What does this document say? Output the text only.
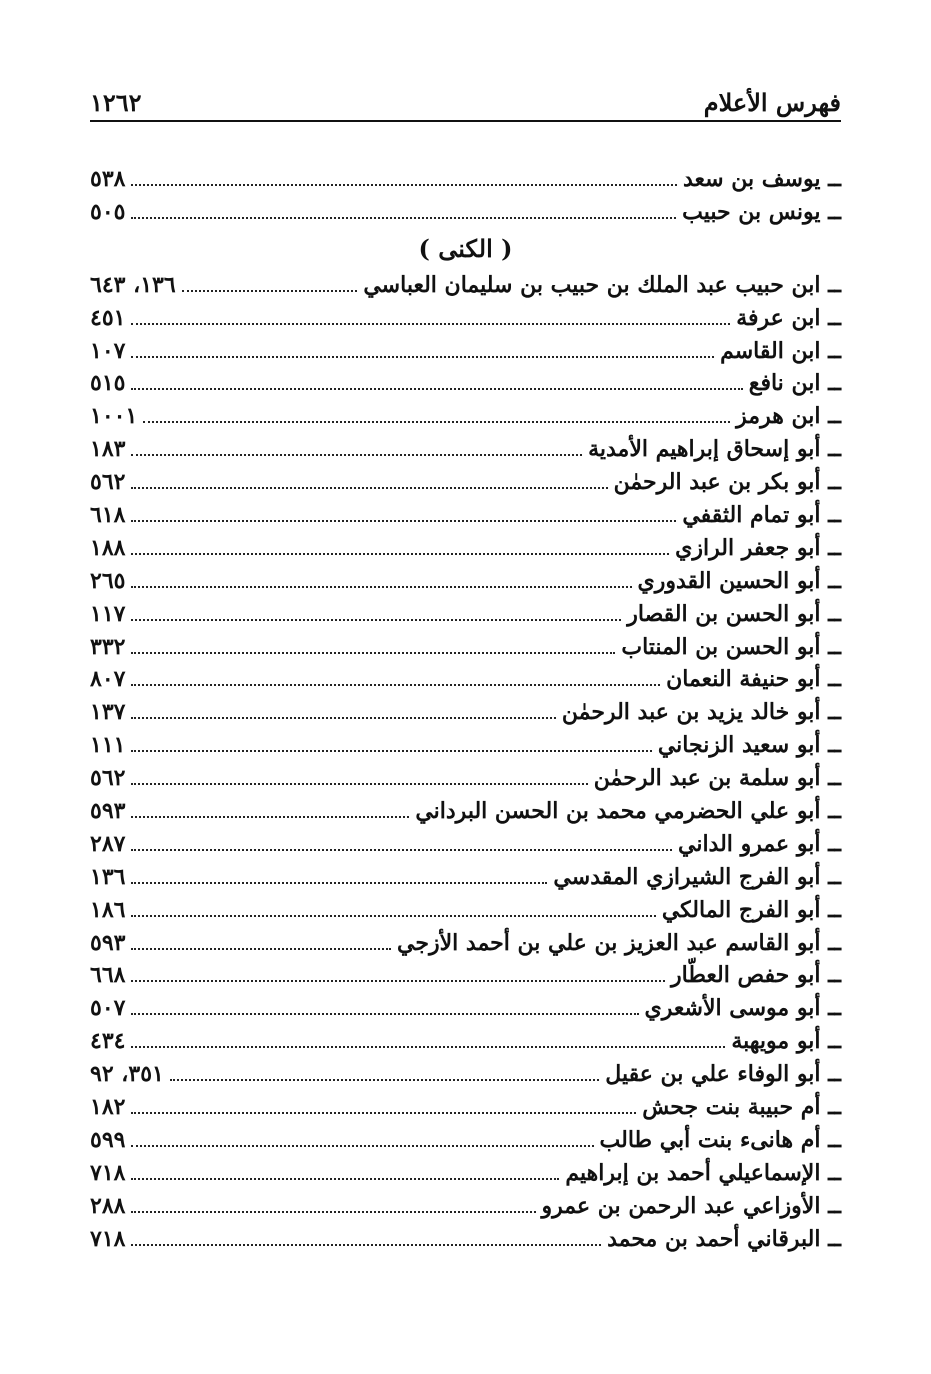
فهرس الأعلام
١٢٦٢
ــ يوسف بن سعد
٥٣٨
ــ يونس بن حبيب
٥٠٥
( الكنى )
ــ ابن حبيب عبد الملك بن حبيب بن سليمان العباسي
١٣٦، ٦٤٣
ــ ابن عرفة
٤٥١
ــ ابن القاسم
١٠٧
ــ ابن نافع
٥١٥
ــ ابن هرمز
١٠٠١
ــ أبو إسحاق إبراهيم الأمدية
١٨٣
ــ أبو بكر بن عبد الرحمٰن
٥٦٢
ــ أبو تمام الثقفي
٦١٨
ــ أبو جعفر الرازي
١٨٨
ــ أبو الحسين القدوري
٢٦٥
ــ أبو الحسن بن القصار
١١٧
ــ أبو الحسن بن المنتاب
٣٣٢
ــ أبو حنيفة النعمان
٨٠٧
ــ أبو خالد يزيد بن عبد الرحمٰن
١٣٧
ــ أبو سعيد الزنجاني
١١١
ــ أبو سلمة بن عبد الرحمٰن
٥٦٢
ــ أبو علي الحضرمي محمد بن الحسن البرداني
٥٩٣
ــ أبو عمرو الداني
٢٨٧
ــ أبو الفرج الشيرازي المقدسي
١٣٦
ــ أبو الفرج المالكي
١٨٦
ــ أبو القاسم عبد العزيز بن علي بن أحمد الأزجي
٥٩٣
ــ أبو حفص العطّار
٦٦٨
ــ أبو موسى الأشعري
٥٠٧
ــ أبو مويهبة
٤٣٤
ــ أبو الوفاء علي بن عقيل
٣٥١، ٩٢
ــ أم حبيبة بنت جحش
١٨٢
ــ أم هانىء بنت أبي طالب
٥٩٩
ــ الإسماعيلي أحمد بن إبراهيم
٧١٨
ــ الأوزاعي عبد الرحمن بن عمرو
٢٨٨
ــ البرقاني أحمد بن محمد
٧١٨
